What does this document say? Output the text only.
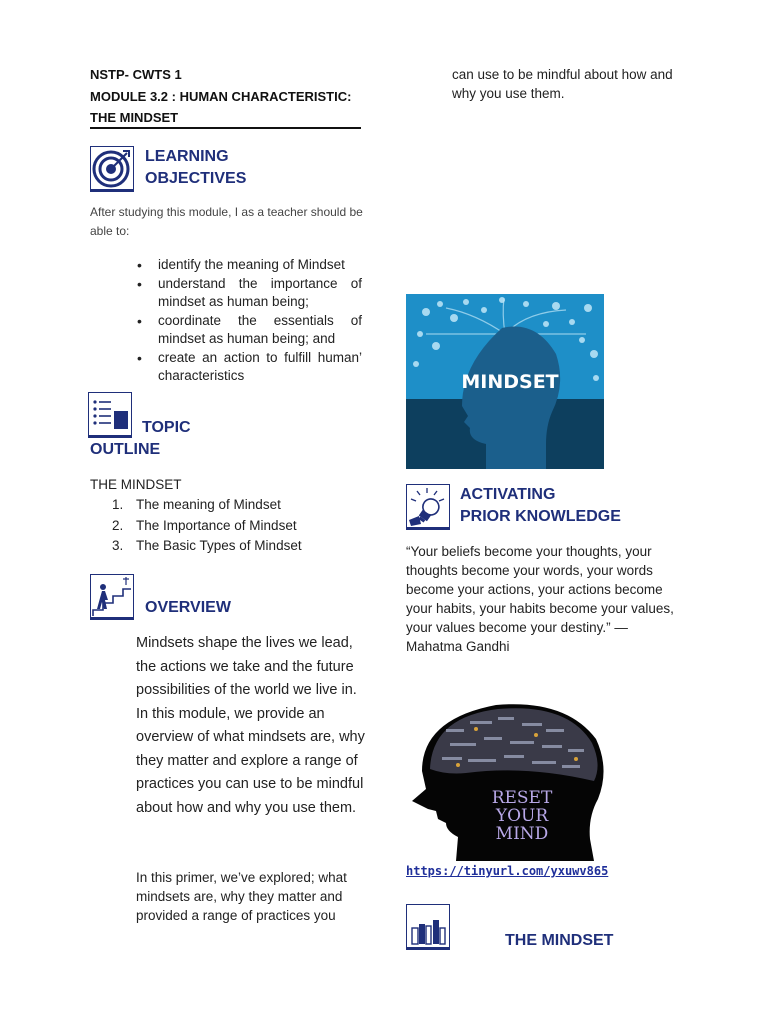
NSTP- CWTS 1
MODULE 3.2 : HUMAN CHARACTERISTIC:
THE MINDSET
LEARNING
OBJECTIVES
After studying this module, I as a teacher should be able to:
• identify the meaning of Mindset
• understand the importance of mindset as human being;
• coordinate the essentials of mindset as human being; and
• create an action to fulfill human’ characteristics
TOPIC
OUTLINE
THE MINDSET
1. The meaning of Mindset
2. The Importance of Mindset
3. The Basic Types of Mindset
OVERVIEW
Mindsets shape the lives we lead, the actions we take and the future possibilities of the world we live in. In this module, we provide an overview of what mindsets are, why they matter and explore a range of practices you can use to be mindful about how and why you use them.
In this primer, we’ve explored; what mindsets are, why they matter and provided a range of practices you
can use to be mindful about how and why you use them.
MINDSET
ACTIVATING
PRIOR KNOWLEDGE
“Your beliefs become your thoughts, your thoughts become your words, your words become your actions, your actions become your habits, your habits become your values, your values become your destiny.” — Mahatma Gandhi
RESET
YOUR
MIND
https://tinyurl.com/yxuwv865
THE MINDSET
